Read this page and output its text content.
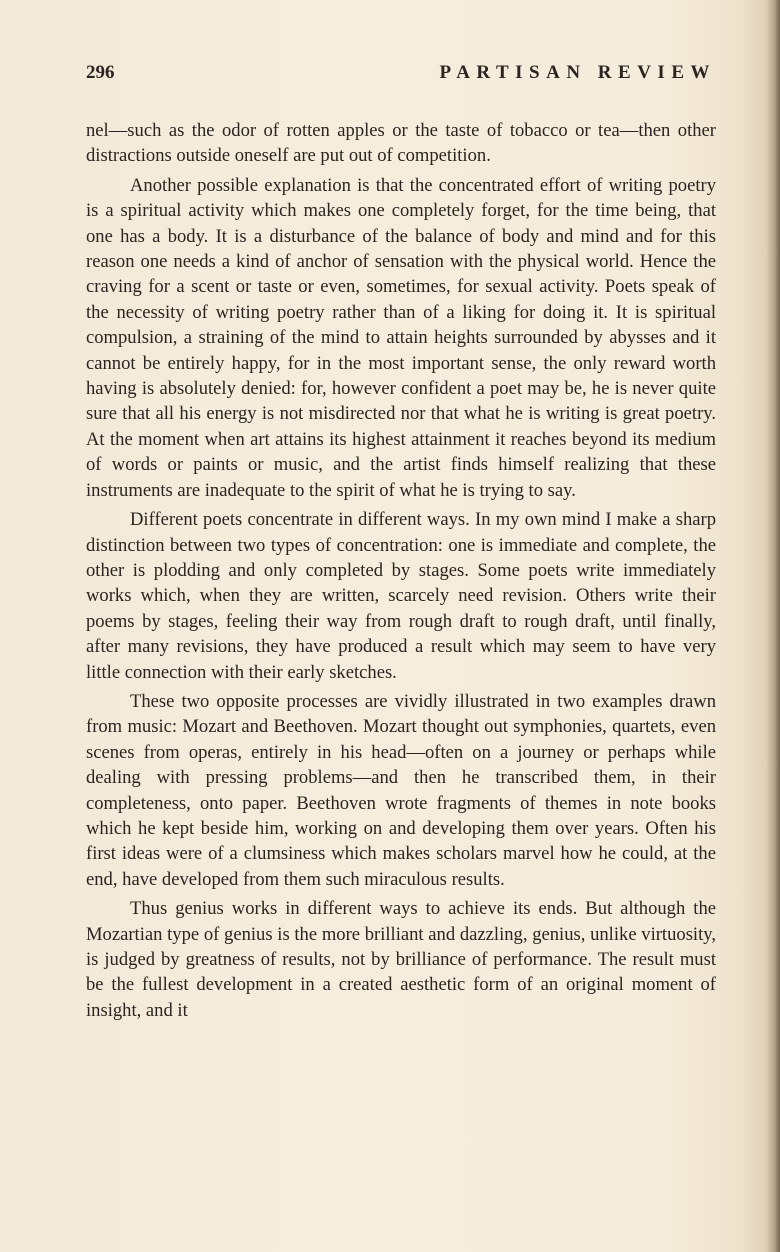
296	PARTISAN REVIEW

nel—such as the odor of rotten apples or the taste of tobacco or tea—then other distractions outside oneself are put out of competition.

Another possible explanation is that the concentrated effort of writing poetry is a spiritual activity which makes one completely forget, for the time being, that one has a body. It is a disturbance of the balance of body and mind and for this reason one needs a kind of anchor of sensation with the physical world. Hence the craving for a scent or taste or even, sometimes, for sexual activity. Poets speak of the necessity of writing poetry rather than of a liking for doing it. It is spiritual compulsion, a straining of the mind to attain heights surrounded by abysses and it cannot be entirely happy, for in the most important sense, the only reward worth having is absolutely denied: for, however confident a poet may be, he is never quite sure that all his energy is not misdirected nor that what he is writing is great poetry. At the moment when art attains its highest attainment it reaches beyond its medium of words or paints or music, and the artist finds himself realizing that these instruments are inadequate to the spirit of what he is trying to say.

Different poets concentrate in different ways. In my own mind I make a sharp distinction between two types of concentration: one is immediate and complete, the other is plodding and only completed by stages. Some poets write immediately works which, when they are written, scarcely need revision. Others write their poems by stages, feeling their way from rough draft to rough draft, until finally, after many revisions, they have produced a result which may seem to have very little connection with their early sketches.

These two opposite processes are vividly illustrated in two examples drawn from music: Mozart and Beethoven. Mozart thought out symphonies, quartets, even scenes from operas, entirely in his head—often on a journey or perhaps while dealing with pressing problems—and then he transcribed them, in their completeness, onto paper. Beethoven wrote fragments of themes in note books which he kept beside him, working on and developing them over years. Often his first ideas were of a clumsiness which makes scholars marvel how he could, at the end, have developed from them such miraculous results.

Thus genius works in different ways to achieve its ends. But although the Mozartian type of genius is the more brilliant and dazzling, genius, unlike virtuosity, is judged by greatness of results, not by brilliance of performance. The result must be the fullest development in a created aesthetic form of an original moment of insight, and it
